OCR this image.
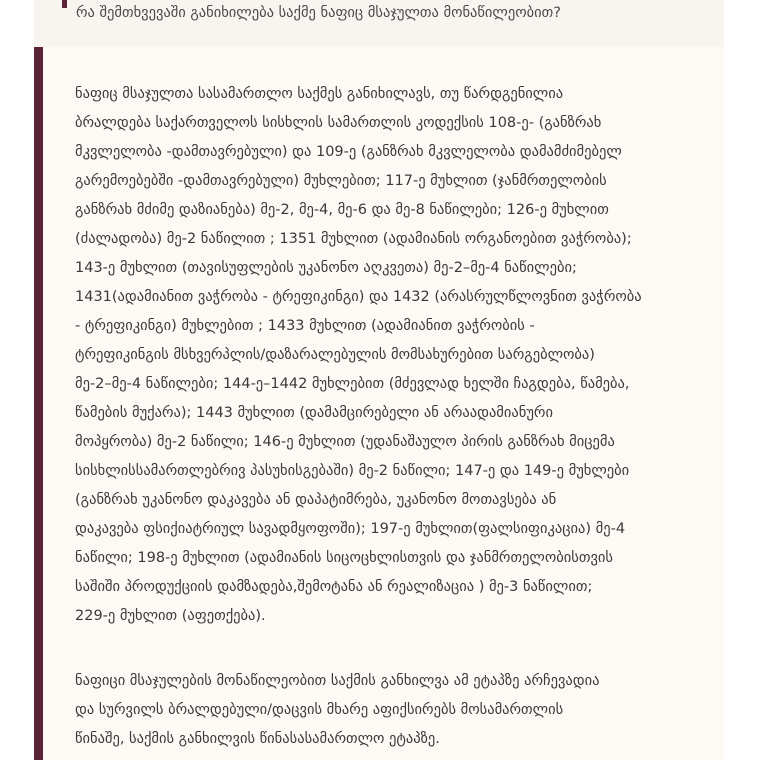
რა შემთხვევაში განიხილება საქმე ნაფიც მსაჯულთა მონაწილეობით?
ნაფიც მსაჯულთა სასამართლო საქმეს განიხილავს, თუ წარდგენილია
ბრალდება საქართველოს სისხლის სამართლის კოდექსის 108-ე- (განზრახ
მკვლელობა -დამთავრებული) და 109-ე (განზრახ მკვლელობა დამამძიმებელ
გარემოებებში -დამთავრებული) მუხლებით; 117-ე მუხლით (ჯანმრთელობის
განზრახ მძიმე დაზიანება) მე-2, მე-4, მე-6 და მე-8 ნაწილები; 126-ე მუხლით
(ძალადობა) მე-2 ნაწილით ; 1351 მუხლით (ადამიანის ორგანოებით ვაჭრობა);
143-ე მუხლით (თავისუფლების უკანონო აღკვეთა) მე-2–მე-4 ნაწილები;
1431(ადამიანით ვაჭრობა - ტრეფიკინგი) და 1432 (არასრულწლოვნით ვაჭრობა
- ტრეფიკინგი) მუხლებით ; 1433 მუხლით (ადამიანით ვაჭრობის -
ტრეფიკინგის მსხვერპლის/დაზარალებულის მომსახურებით სარგებლობა)
მე-2–მე-4 ნაწილები; 144-ე–1442 მუხლებით (მძევლად ხელში ჩაგდება, წამება,
წამების მუქარა); 1443 მუხლით (დამამცირებელი ან არაადამიანური
მოპყრობა) მე-2 ნაწილი; 146-ე მუხლით (უდანაშაულო პირის განზრახ მიცემა
სისხლისსამართლებრივ პასუხისგებაში) მე-2 ნაწილი; 147-ე და 149-ე მუხლები
(განზრახ უკანონო დაკავება ან დაპატიმრება, უკანონო მოთავსება ან
დაკავება ფსიქიატრიულ სავადმყოფოში); 197-ე მუხლით(ფალსიფიკაცია) მე-4
ნაწილი; 198-ე მუხლით (ადამიანის სიცოცხლისთვის და ჯანმრთელობისთვის
საშიში პროდუქციის დამზადება,შემოტანა ან რეალიზაცია ) მე-3 ნაწილით;
229-ე მუხლით (აფეთქება).
ნაფიცი მსაჯულების მონაწილეობით საქმის განხილვა ამ ეტაპზე არჩევადია
და სურვილს ბრალდებული/დაცვის მხარე აფიქსირებს მოსამართლის
წინაშე, საქმის განხილვის წინასასამართლო ეტაპზე.
